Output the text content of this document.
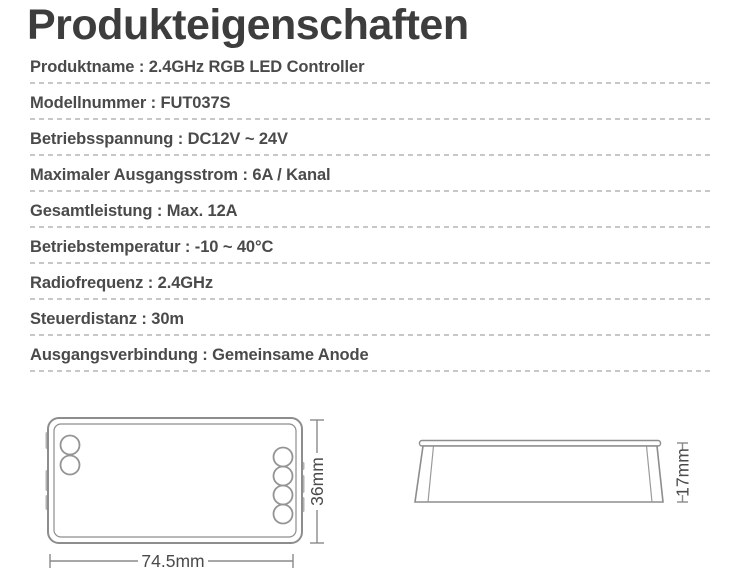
Produkteigenschaften
Produktname : 2.4GHz RGB LED Controller
Modellnummer : FUT037S
Betriebsspannung : DC12V ~ 24V
Maximaler Ausgangsstrom : 6A / Kanal
Gesamtleistung : Max. 12A
Betriebstemperatur : -10 ~ 40°C
Radiofrequenz : 2.4GHz
Steuerdistanz : 30m
Ausgangsverbindung : Gemeinsame Anode
36mm
74.5mm
17mm
